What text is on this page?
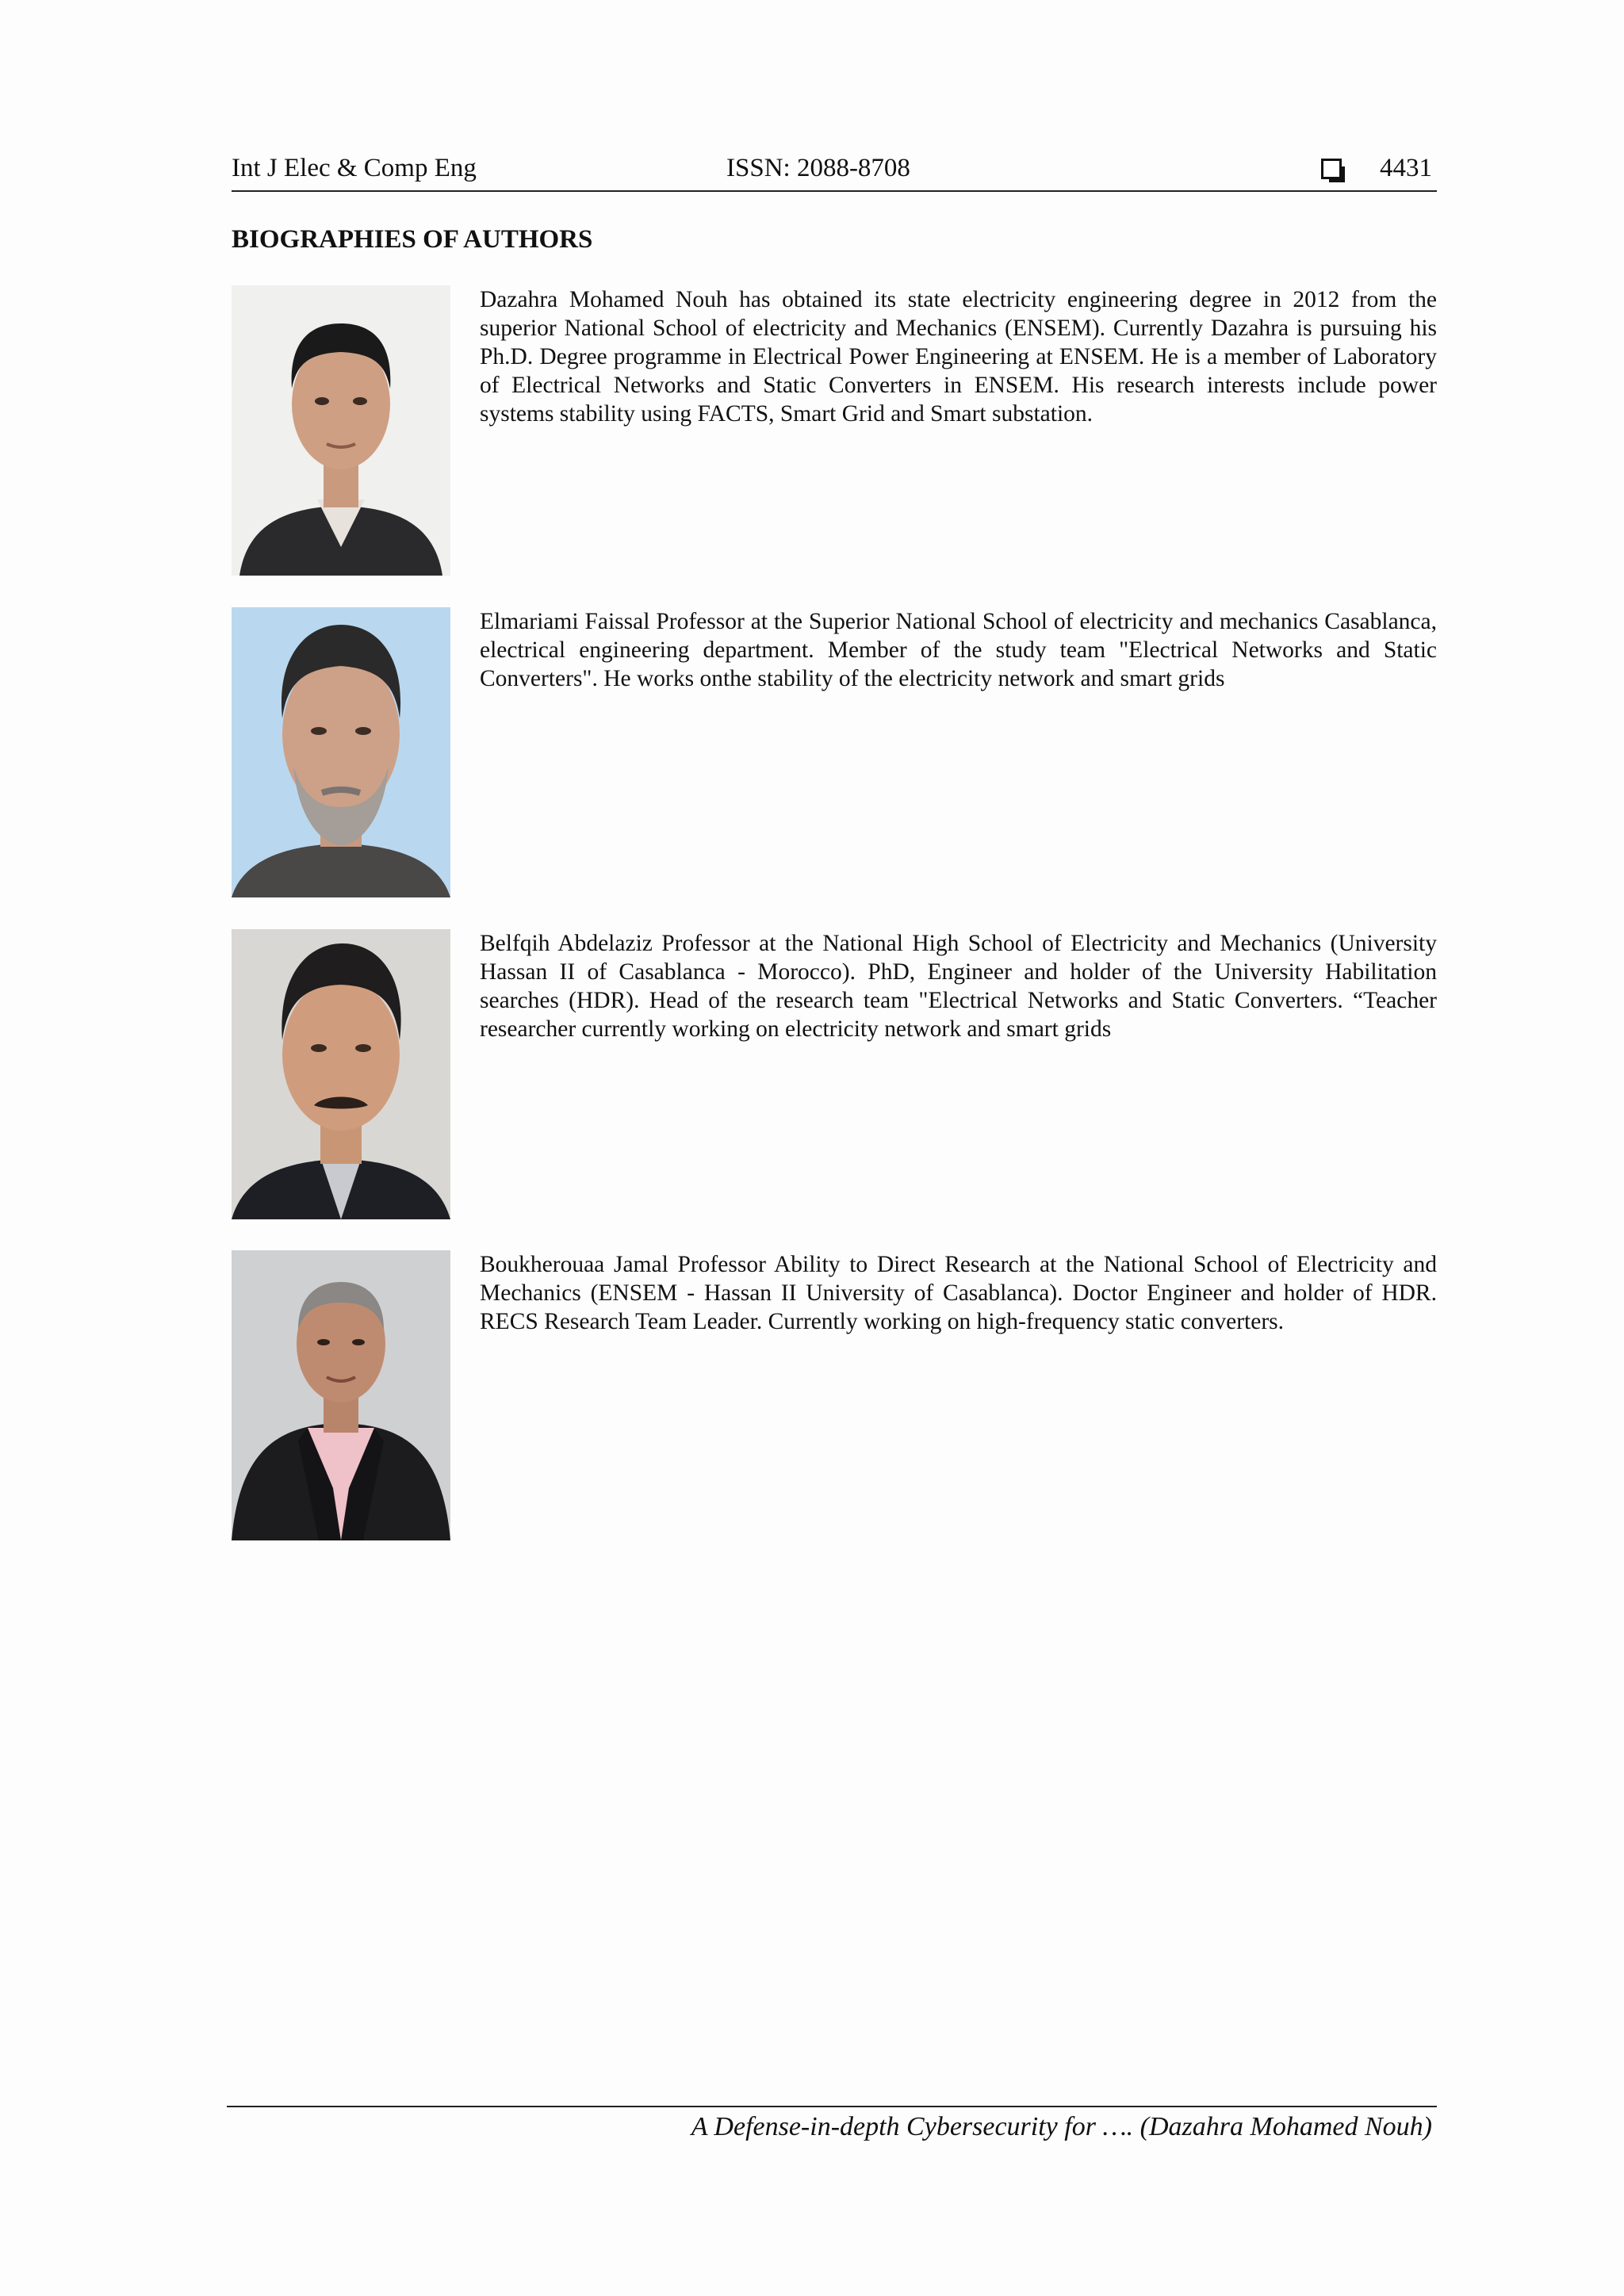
Int J Elec & Comp Eng	ISSN: 2088-8708	4431
BIOGRAPHIES OF AUTHORS
Dazahra Mohamed Nouh has obtained its state electricity engineering degree in 2012 from the superior National School of electricity and Mechanics (ENSEM). Currently Dazahra is pursuing his Ph.D. Degree programme in Electrical Power Engineering at ENSEM. He is a member of Laboratory of Electrical Networks and Static Converters in ENSEM. His research interests include power systems stability using FACTS, Smart Grid and Smart substation.
Elmariami Faissal Professor at the Superior National School of electricity and mechanics Casablanca, electrical engineering department. Member of the study team "Electrical Networks and Static Converters". He works onthe stability of the electricity network and smart grids
Belfqih Abdelaziz Professor at the National High School of Electricity and Mechanics (University Hassan II of Casablanca - Morocco). PhD, Engineer and holder of the University Habilitation searches (HDR). Head of the research team "Electrical Networks and Static Converters. “Teacher researcher currently working on electricity network and smart grids
Boukherouaa Jamal Professor Ability to Direct Research at the National School of Electricity and Mechanics (ENSEM - Hassan II University of Casablanca). Doctor Engineer and holder of HDR. RECS Research Team Leader. Currently working on high-frequency static converters.
A Defense-in-depth Cybersecurity for …. (Dazahra Mohamed Nouh)
